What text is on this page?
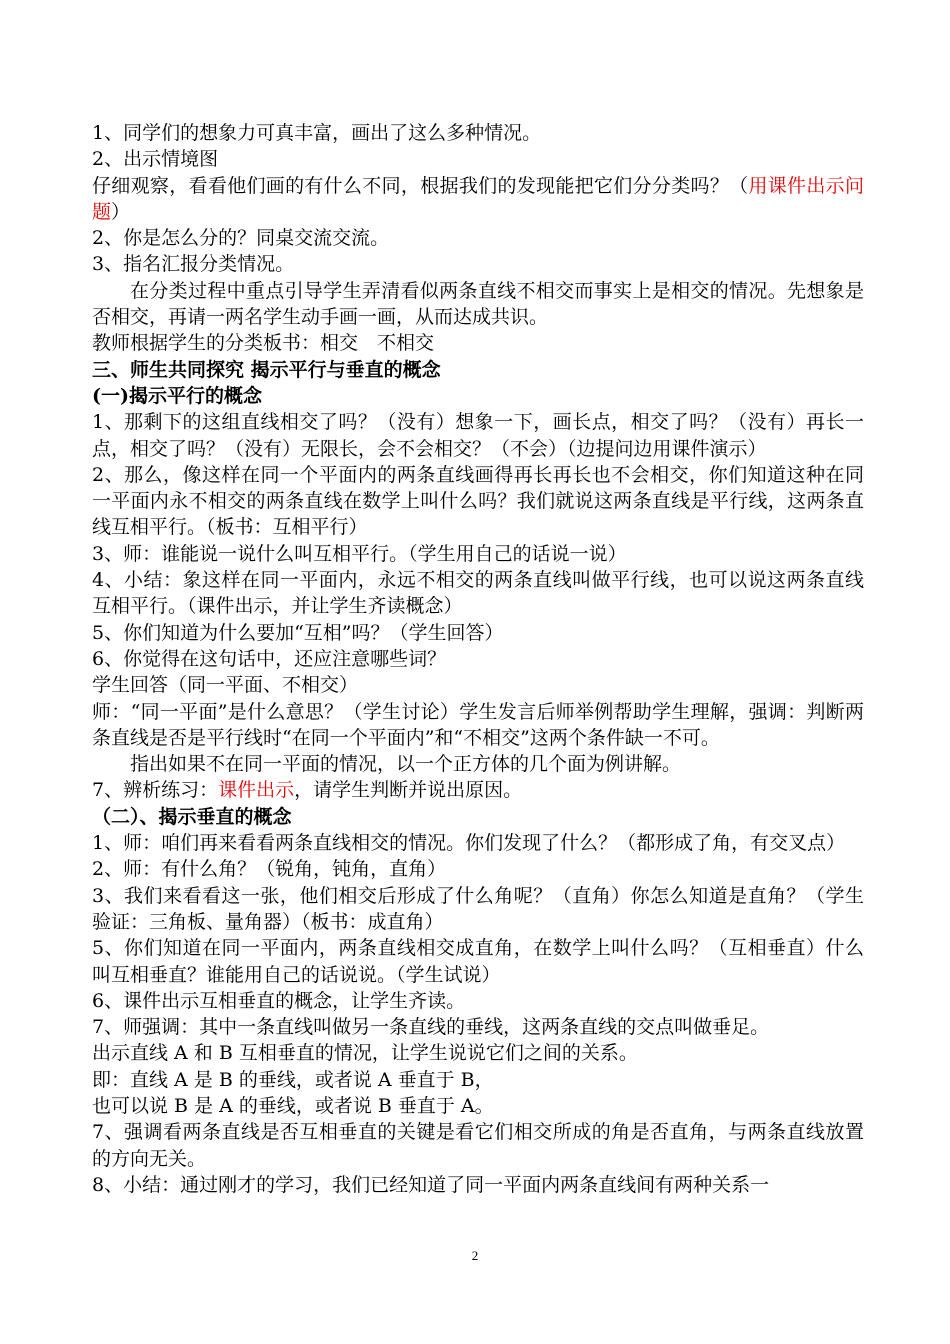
1、同学们的想象力可真丰富，画出了这么多种情况。

2、出示情境图

仔细观察，看看他们画的有什么不同，根据我们的发现能把它们分分类吗？（用课件出示问题）

2、你是怎么分的？同桌交流交流。

3、指名汇报分类情况。

在分类过程中重点引导学生弄清看似两条直线不相交而事实上是相交的情况。先想象是否相交，再请一两名学生动手画一画，从而达成共识。

教师根据学生的分类板书：相交　不相交

三、师生共同探究 揭示平行与垂直的概念

(一)揭示平行的概念

1、那剩下的这组直线相交了吗？（没有）想象一下，画长点，相交了吗？（没有）再长一点，相交了吗？（没有）无限长，会不会相交？（不会）（边提问边用课件演示）

2、那么，像这样在同一个平面内的两条直线画得再长再长也不会相交，你们知道这种在同一平面内永不相交的两条直线在数学上叫什么吗？我们就说这两条直线是平行线，这两条直线互相平行。（板书：互相平行）

3、师：谁能说一说什么叫互相平行。（学生用自己的话说一说）

4、小结：象这样在同一平面内，永远不相交的两条直线叫做平行线，也可以说这两条直线互相平行。（课件出示，并让学生齐读概念）

5、你们知道为什么要加“互相”吗？（学生回答）

6、你觉得在这句话中，还应注意哪些词？

学生回答（同一平面、不相交）

师：“同一平面”是什么意思？（学生讨论）学生发言后师举例帮助学生理解，强调：判断两条直线是否是平行线时“在同一个平面内”和“不相交”这两个条件缺一不可。

指出如果不在同一平面的情况，以一个正方体的几个面为例讲解。

7、辨析练习：课件出示，请学生判断并说出原因。

（二）、揭示垂直的概念

1、师：咱们再来看看两条直线相交的情况。你们发现了什么？（都形成了角，有交叉点）

2、师：有什么角？（锐角，钝角，直角）

3、我们来看看这一张，他们相交后形成了什么角呢？（直角）你怎么知道是直角？（学生验证：三角板、量角器）（板书：成直角）

5、你们知道在同一平面内，两条直线相交成直角，在数学上叫什么吗？（互相垂直）什么叫互相垂直？谁能用自己的话说说。（学生试说）

6、课件出示互相垂直的概念，让学生齐读。

7、师强调：其中一条直线叫做另一条直线的垂线，这两条直线的交点叫做垂足。

出示直线 A 和 B 互相垂直的情况，让学生说说它们之间的关系。

即：直线 A 是 B 的垂线，或者说 A 垂直于 B，

也可以说 B 是 A 的垂线，或者说 B 垂直于 A。

7、强调看两条直线是否互相垂直的关键是看它们相交所成的角是否直角，与两条直线放置的方向无关。

8、小结：通过刚才的学习，我们已经知道了同一平面内两条直线间有两种关系一

2
